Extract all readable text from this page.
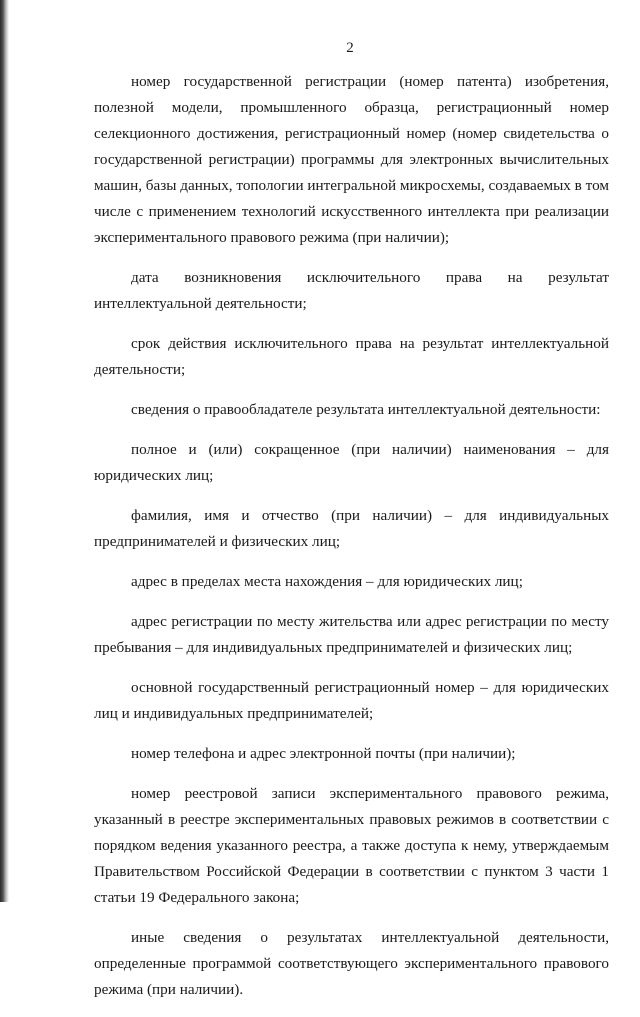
2

номер государственной регистрации (номер патента) изобретения, полезной модели, промышленного образца, регистрационный номер селекционного достижения, регистрационный номер (номер свидетельства о государственной регистрации) программы для электронных вычислительных машин, базы данных, топологии интегральной микросхемы, создаваемых в том числе с применением технологий искусственного интеллекта при реализации экспериментального правового режима (при наличии);

дата возникновения исключительного права на результат интеллектуальной деятельности;

срок действия исключительного права на результат интеллектуальной деятельности;

сведения о правообладателе результата интеллектуальной деятельности:

полное и (или) сокращенное (при наличии) наименования – для юридических лиц;

фамилия, имя и отчество (при наличии) – для индивидуальных предпринимателей и физических лиц;

адрес в пределах места нахождения – для юридических лиц;

адрес регистрации по месту жительства или адрес регистрации по месту пребывания – для индивидуальных предпринимателей и физических лиц;

основной государственный регистрационный номер – для юридических лиц и индивидуальных предпринимателей;

номер телефона и адрес электронной почты (при наличии);

номер реестровой записи экспериментального правового режима, указанный в реестре экспериментальных правовых режимов в соответствии с порядком ведения указанного реестра, а также доступа к нему, утверждаемым Правительством Российской Федерации в соответствии с пунктом 3 части 1 статьи 19 Федерального закона;

иные сведения о результатах интеллектуальной деятельности, определенные программой соответствующего экспериментального правового режима (при наличии).
